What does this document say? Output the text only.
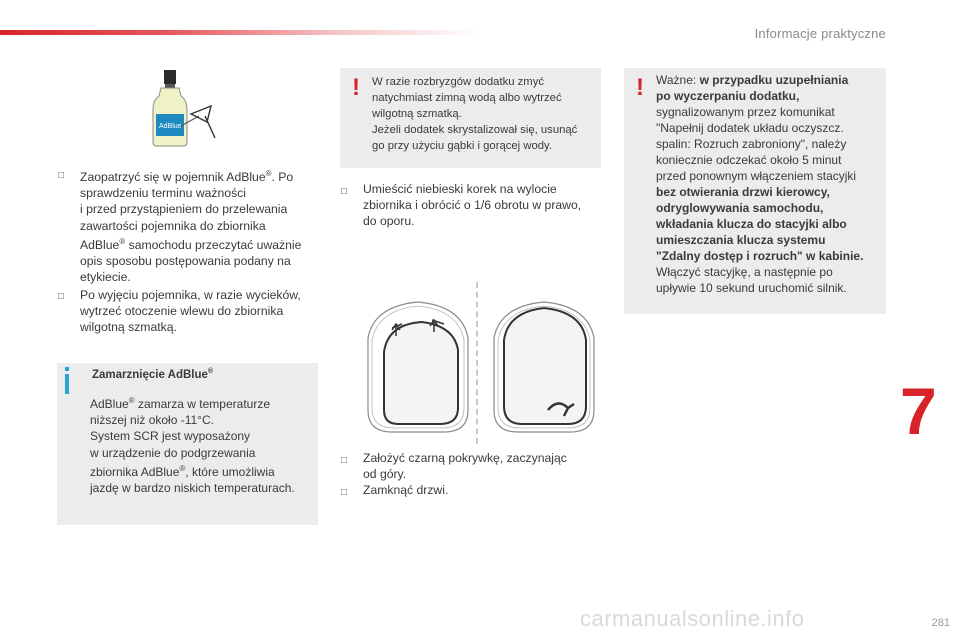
Informacje praktyczne
AdBlue
□ Zaopatrzyć się w pojemnik AdBlue®. Po
sprawdzeniu terminu ważności
i przed przystąpieniem do przelewania
zawartości pojemnika do zbiornika
AdBlue® samochodu przeczytać uważnie
opis sposobu postępowania podany na
etykiecie.
□ Po wyjęciu pojemnika, w razie wycieków,
wytrzeć otoczenie wlewu do zbiornika
wilgotną szmatką.
Zamarznięcie AdBlue®
AdBlue® zamarza w temperaturze
niższej niż około -11°C.
System SCR jest wyposażony
w urządzenie do podgrzewania
zbiornika AdBlue®, które umożliwia
jazdę w bardzo niskich temperaturach.
! W razie rozbryzgów dodatku zmyć
natychmiast zimną wodą albo wytrzeć
wilgotną szmatką.
Jeżeli dodatek skrystalizował się, usunąć
go przy użyciu gąbki i gorącej wody.
□ Umieścić niebieski korek na wylocie
zbiornika i obrócić o 1/6 obrotu w prawo,
do oporu.
□ Założyć czarną pokrywkę, zaczynając
od góry.
□ Zamknąć drzwi.
! Ważne: w przypadku uzupełniania
po wyczerpaniu dodatku,
sygnalizowanym przez komunikat
"Napełnij dodatek układu oczyszcz.
spalin: Rozruch zabroniony", należy
koniecznie odczekać około 5 minut
przed ponownym włączeniem stacyjki
bez otwierania drzwi kierowcy,
odryglowywania samochodu,
wkładania klucza do stacyjki albo
umieszczania klucza systemu
"Zdalny dostęp i rozruch" w kabinie.
Włączyć stacyjkę, a następnie po
upływie 10 sekund uruchomić silnik.
7
carmanualsonline.info	281
